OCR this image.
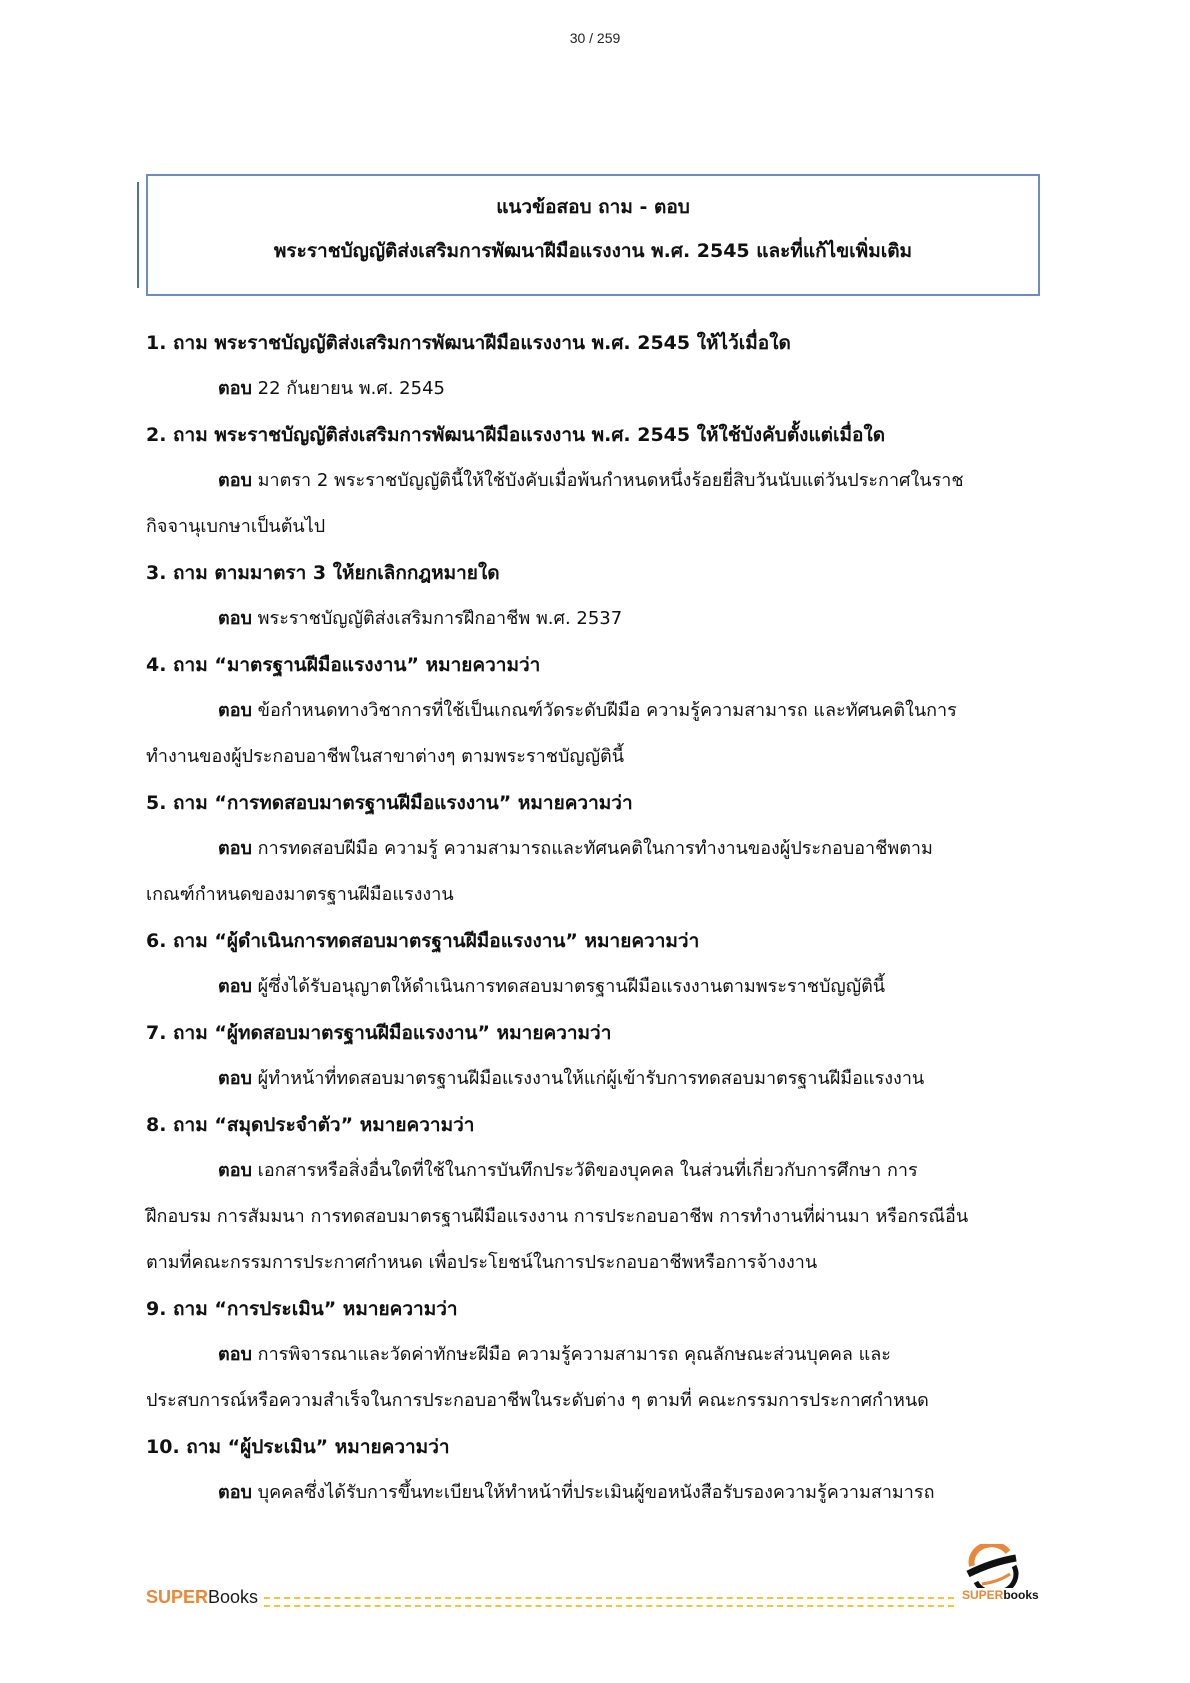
30 / 259
แนวข้อสอบ ถาม - ตอบ
พระราชบัญญัติส่งเสริมการพัฒนาฝีมือแรงงาน พ.ศ. 2545 และที่แก้ไขเพิ่มเติม
1. ถาม พระราชบัญญัติส่งเสริมการพัฒนาฝีมือแรงงาน พ.ศ. 2545 ให้ไว้เมื่อใด
ตอบ 22 กันยายน พ.ศ. 2545
2. ถาม พระราชบัญญัติส่งเสริมการพัฒนาฝีมือแรงงาน พ.ศ. 2545 ให้ใช้บังคับตั้งแต่เมื่อใด
ตอบ มาตรา 2 พระราชบัญญัตินี้ให้ใช้บังคับเมื่อพ้นกำหนดหนึ่งร้อยยี่สิบวันนับแต่วันประกาศในราช
กิจจานุเบกษาเป็นต้นไป
3. ถาม ตามมาตรา 3 ให้ยกเลิกกฎหมายใด
ตอบ พระราชบัญญัติส่งเสริมการฝึกอาชีพ พ.ศ. 2537
4. ถาม “มาตรฐานฝีมือแรงงาน” หมายความว่า
ตอบ ข้อกำหนดทางวิชาการที่ใช้เป็นเกณฑ์วัดระดับฝีมือ ความรู้ความสามารถ และทัศนคติในการ
ทำงานของผู้ประกอบอาชีพในสาขาต่างๆ ตามพระราชบัญญัตินี้
5. ถาม “การทดสอบมาตรฐานฝีมือแรงงาน” หมายความว่า
ตอบ การทดสอบฝีมือ ความรู้ ความสามารถและทัศนคติในการทำงานของผู้ประกอบอาชีพตาม
เกณฑ์กำหนดของมาตรฐานฝีมือแรงงาน
6. ถาม “ผู้ดำเนินการทดสอบมาตรฐานฝีมือแรงงาน” หมายความว่า
ตอบ ผู้ซึ่งได้รับอนุญาตให้ดำเนินการทดสอบมาตรฐานฝีมือแรงงานตามพระราชบัญญัตินี้
7. ถาม “ผู้ทดสอบมาตรฐานฝีมือแรงงาน” หมายความว่า
ตอบ ผู้ทำหน้าที่ทดสอบมาตรฐานฝีมือแรงงานให้แก่ผู้เข้ารับการทดสอบมาตรฐานฝีมือแรงงาน
8. ถาม “สมุดประจำตัว” หมายความว่า
ตอบ เอกสารหรือสิ่งอื่นใดที่ใช้ในการบันทึกประวัติของบุคคล ในส่วนที่เกี่ยวกับการศึกษา การ
ฝึกอบรม การสัมมนา การทดสอบมาตรฐานฝีมือแรงงาน การประกอบอาชีพ การทำงานที่ผ่านมา หรือกรณีอื่น
ตามที่คณะกรรมการประกาศกำหนด เพื่อประโยชน์ในการประกอบอาชีพหรือการจ้างงาน
9. ถาม “การประเมิน” หมายความว่า
ตอบ การพิจารณาและวัดค่าทักษะฝีมือ ความรู้ความสามารถ คุณลักษณะส่วนบุคคล และ
ประสบการณ์หรือความสำเร็จในการประกอบอาชีพในระดับต่าง ๆ ตามที่ คณะกรรมการประกาศกำหนด
10. ถาม “ผู้ประเมิน” หมายความว่า
ตอบ บุคคลซึ่งได้รับการขึ้นทะเบียนให้ทำหน้าที่ประเมินผู้ขอหนังสือรับรองความรู้ความสามารถ
SUPERBooks	SUPERbooks
